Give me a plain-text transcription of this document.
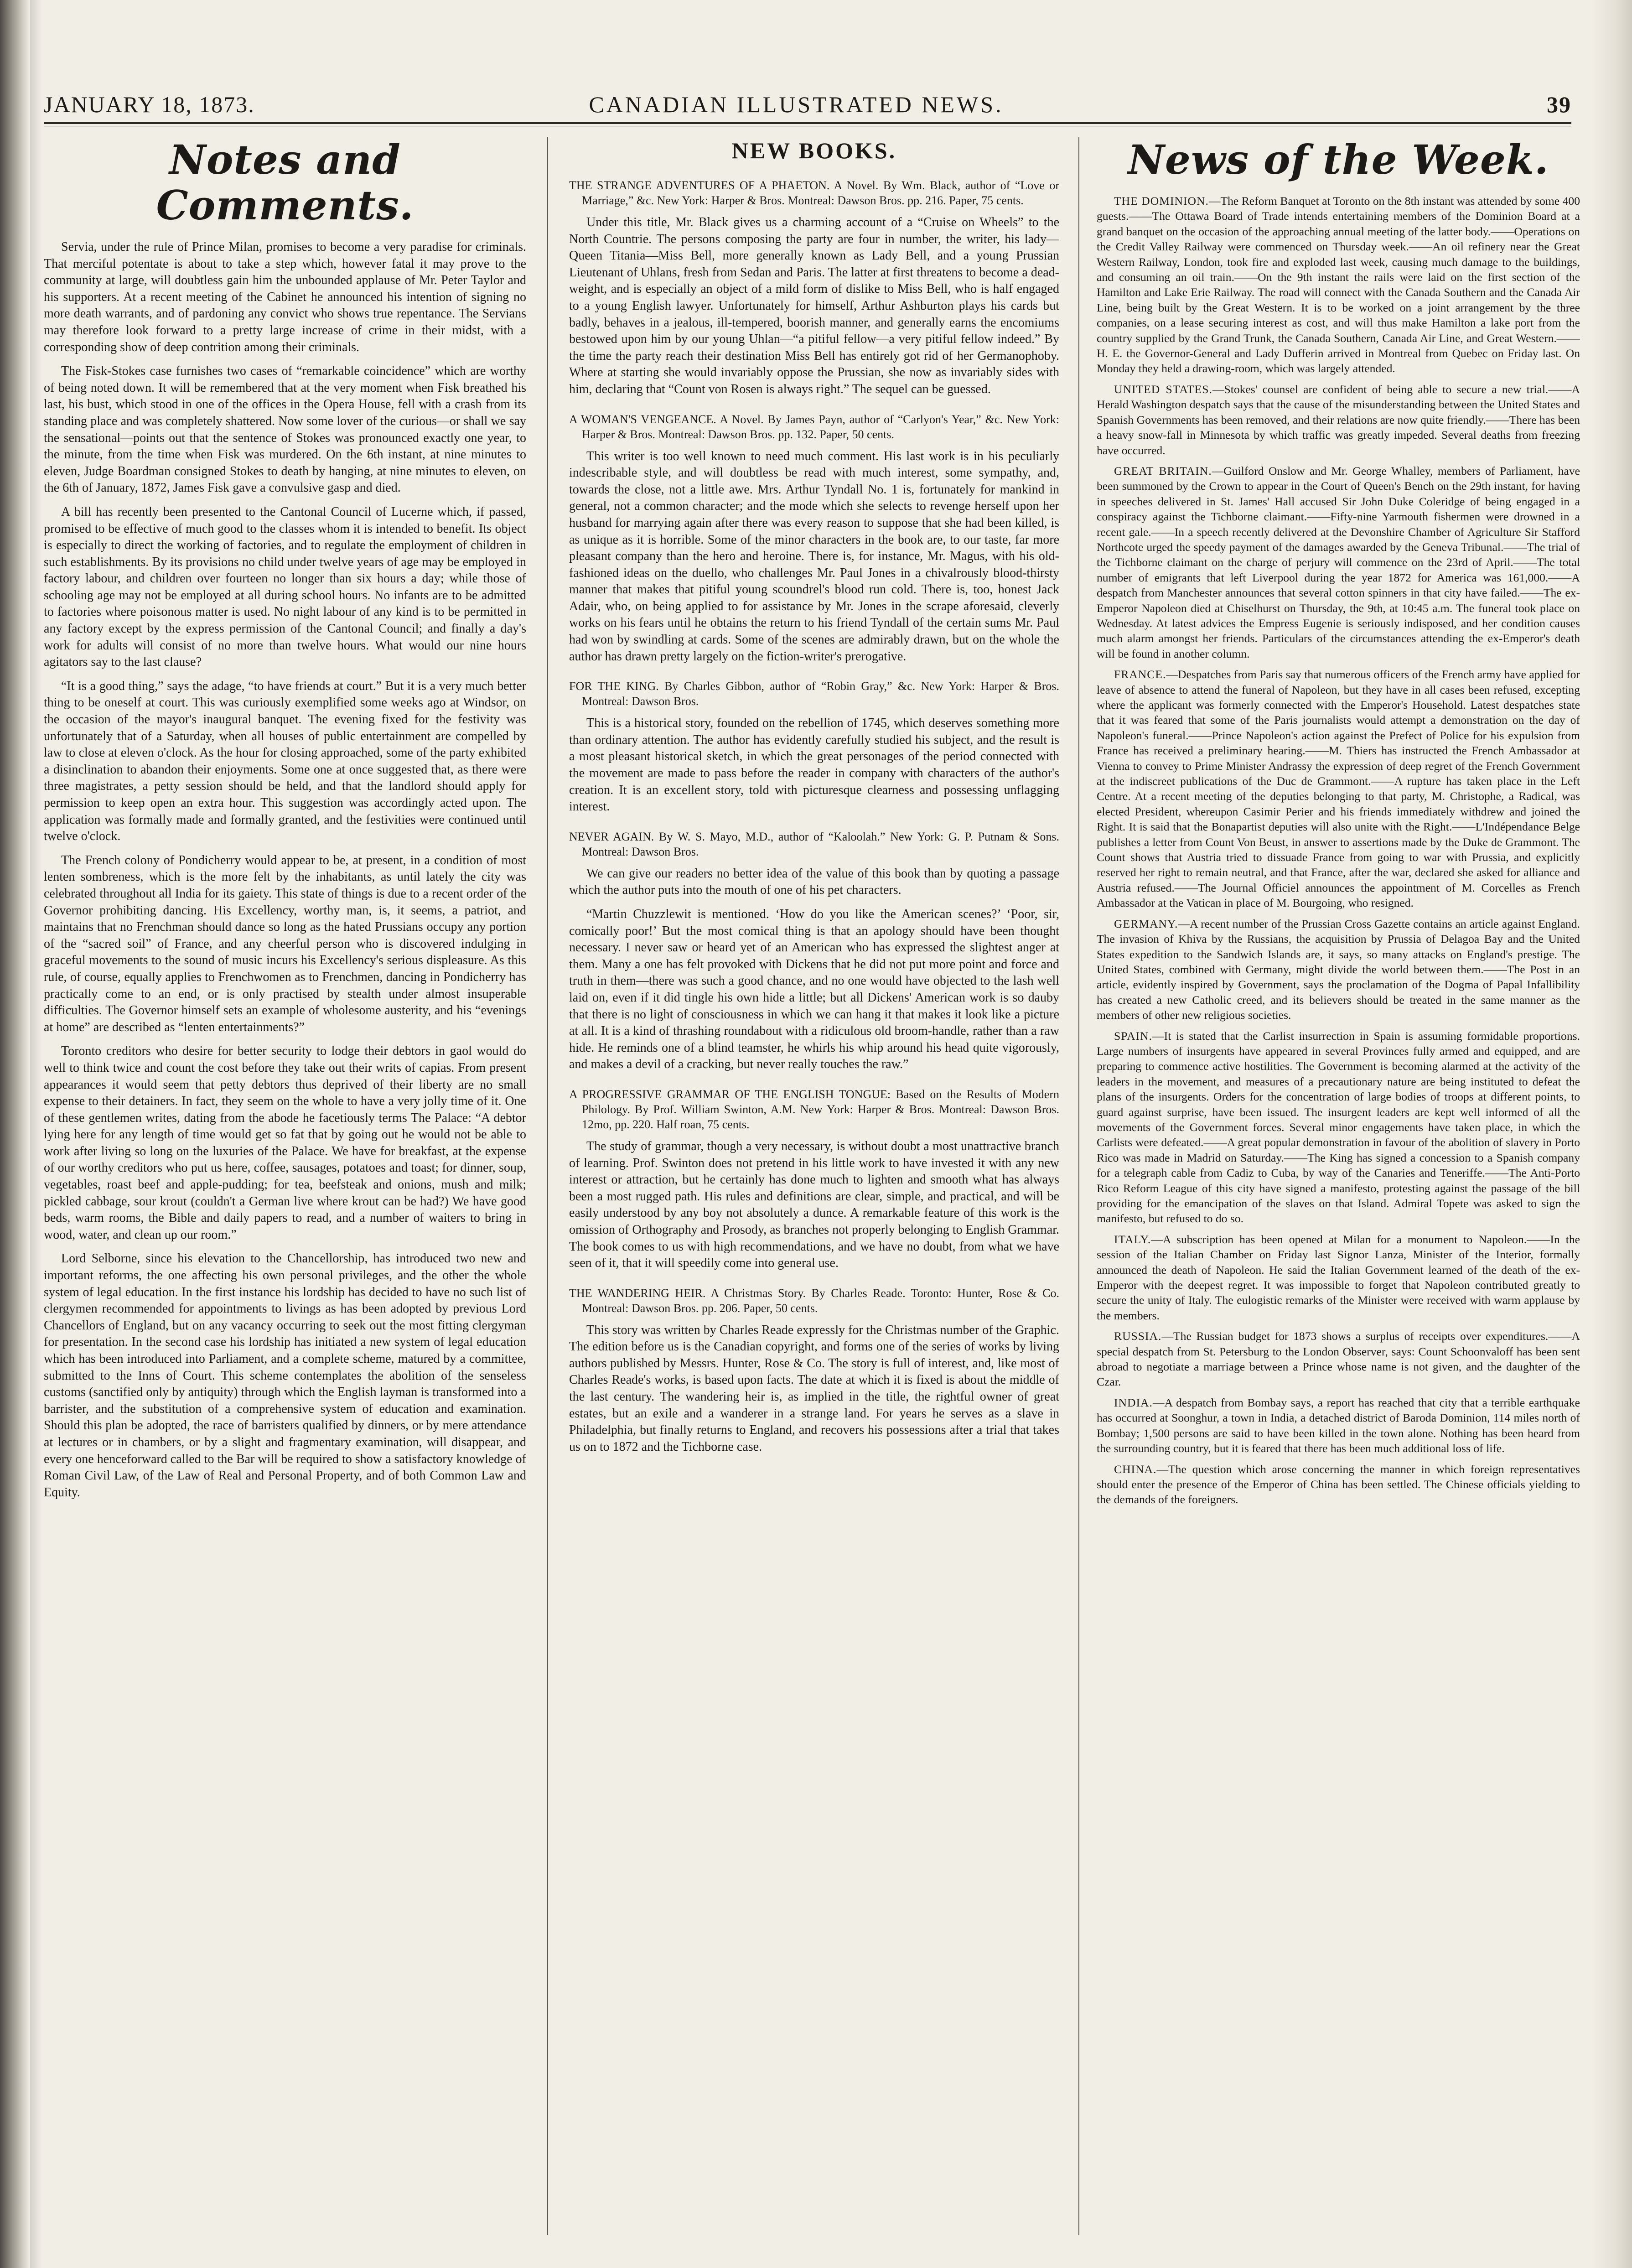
JANUARY 18, 1873.	CANADIAN ILLUSTRATED NEWS.	39
Notes and Comments.

Servia, under the rule of Prince Milan, promises to become a very paradise for criminals. That merciful potentate is about to take a step which, however fatal it may prove to the community at large, will doubtless gain him the unbounded applause of Mr. Peter Taylor and his supporters. At a recent meeting of the Cabinet he announced his intention of signing no more death warrants, and of pardoning any convict who shows true repentance. The Servians may therefore look forward to a pretty large increase of crime in their midst, with a corresponding show of deep contrition among their criminals.

The Fisk-Stokes case furnishes two cases of “remarkable coincidence” which are worthy of being noted down. It will be remembered that at the very moment when Fisk breathed his last, his bust, which stood in one of the offices in the Opera House, fell with a crash from its standing place and was completely shattered. Now some lover of the curious—or shall we say the sensational—points out that the sentence of Stokes was pronounced exactly one year, to the minute, from the time when Fisk was murdered. On the 6th instant, at nine minutes to eleven, Judge Boardman consigned Stokes to death by hanging, at nine minutes to eleven, on the 6th of January, 1872, James Fisk gave a convulsive gasp and died.

A bill has recently been presented to the Cantonal Council of Lucerne which, if passed, promised to be effective of much good to the classes whom it is intended to benefit. Its object is especially to direct the working of factories, and to regulate the employment of children in such establishments. By its provisions no child under twelve years of age may be employed in factory labour, and children over fourteen no longer than six hours a day; while those of schooling age may not be employed at all during school hours. No infants are to be admitted to factories where poisonous matter is used. No night labour of any kind is to be permitted in any factory except by the express permission of the Cantonal Council; and finally a day's work for adults will consist of no more than twelve hours. What would our nine hours agitators say to the last clause?

“It is a good thing,” says the adage, “to have friends at court.” But it is a very much better thing to be oneself at court. This was curiously exemplified some weeks ago at Windsor, on the occasion of the mayor's inaugural banquet. The evening fixed for the festivity was unfortunately that of a Saturday, when all houses of public entertainment are compelled by law to close at eleven o'clock. As the hour for closing approached, some of the party exhibited a disinclination to abandon their enjoyments. Some one at once suggested that, as there were three magistrates, a petty session should be held, and that the landlord should apply for permission to keep open an extra hour. This suggestion was accordingly acted upon. The application was formally made and formally granted, and the festivities were continued until twelve o'clock.

The French colony of Pondicherry would appear to be, at present, in a condition of most lenten sombreness, which is the more felt by the inhabitants, as until lately the city was celebrated throughout all India for its gaiety. This state of things is due to a recent order of the Governor prohibiting dancing. His Excellency, worthy man, is, it seems, a patriot, and maintains that no Frenchman should dance so long as the hated Prussians occupy any portion of the “sacred soil” of France, and any cheerful person who is discovered indulging in graceful movements to the sound of music incurs his Excellency's serious displeasure. As this rule, of course, equally applies to Frenchwomen as to Frenchmen, dancing in Pondicherry has practically come to an end, or is only practised by stealth under almost insuperable difficulties. The Governor himself sets an example of wholesome austerity, and his “evenings at home” are described as “lenten entertainments?”

Toronto creditors who desire for better security to lodge their debtors in gaol would do well to think twice and count the cost before they take out their writs of capias. From present appearances it would seem that petty debtors thus deprived of their liberty are no small expense to their detainers. In fact, they seem on the whole to have a very jolly time of it. One of these gentlemen writes, dating from the abode he facetiously terms The Palace: “A debtor lying here for any length of time would get so fat that by going out he would not be able to work after living so long on the luxuries of the Palace. We have for breakfast, at the expense of our worthy creditors who put us here, coffee, sausages, potatoes and toast; for dinner, soup, vegetables, roast beef and apple-pudding; for tea, beefsteak and onions, mush and milk; pickled cabbage, sour krout (couldn't a German live where krout can be had?) We have good beds, warm rooms, the Bible and daily papers to read, and a number of waiters to bring in wood, water, and clean up our room.”

Lord Selborne, since his elevation to the Chancellorship, has introduced two new and important reforms, the one affecting his own personal privileges, and the other the whole system of legal education. In the first instance his lordship has decided to have no such list of clergymen recommended for appointments to livings as has been adopted by previous Lord Chancellors of England, but on any vacancy occurring to seek out the most fitting clergyman for presentation. In the second case his lordship has initiated a new system of legal education which has been introduced into Parliament, and a complete scheme, matured by a committee, submitted to the Inns of Court. This scheme contemplates the abolition of the senseless customs (sanctified only by antiquity) through which the English layman is transformed into a barrister, and the substitution of a comprehensive system of education and examination. Should this plan be adopted, the race of barristers qualified by dinners, or by mere attendance at lectures or in chambers, or by a slight and fragmentary examination, will disappear, and every one henceforward called to the Bar will be required to show a satisfactory knowledge of Roman Civil Law, of the Law of Real and Personal Property, and of both Common Law and Equity.

NEW BOOKS.

THE STRANGE ADVENTURES OF A PHAETON. A Novel. By Wm. Black, author of “Love or Marriage,” &c. New York: Harper & Bros. Montreal: Dawson Bros. pp. 216. Paper, 75 cents.

Under this title, Mr. Black gives us a charming account of a “Cruise on Wheels” to the North Countrie. The persons composing the party are four in number, the writer, his lady—Queen Titania—Miss Bell, more generally known as Lady Bell, and a young Prussian Lieutenant of Uhlans, fresh from Sedan and Paris. The latter at first threatens to become a dead-weight, and is especially an object of a mild form of dislike to Miss Bell, who is half engaged to a young English lawyer. Unfortunately for himself, Arthur Ashburton plays his cards but badly, behaves in a jealous, ill-tempered, boorish manner, and generally earns the encomiums bestowed upon him by our young Uhlan—“a pitiful fellow—a very pitiful fellow indeed.” By the time the party reach their destination Miss Bell has entirely got rid of her Germanophoby. Where at starting she would invariably oppose the Prussian, she now as invariably sides with him, declaring that “Count von Rosen is always right.” The sequel can be guessed.

A WOMAN'S VENGEANCE. A Novel. By James Payn, author of “Carlyon's Year,” &c. New York: Harper & Bros. Montreal: Dawson Bros. pp. 132. Paper, 50 cents.

This writer is too well known to need much comment. His last work is in his peculiarly indescribable style, and will doubtless be read with much interest, some sympathy, and, towards the close, not a little awe. Mrs. Arthur Tyndall No. 1 is, fortunately for mankind in general, not a common character; and the mode which she selects to revenge herself upon her husband for marrying again after there was every reason to suppose that she had been killed, is as unique as it is horrible. Some of the minor characters in the book are, to our taste, far more pleasant company than the hero and heroine. There is, for instance, Mr. Magus, with his old-fashioned ideas on the duello, who challenges Mr. Paul Jones in a chivalrously blood-thirsty manner that makes that pitiful young scoundrel's blood run cold. There is, too, honest Jack Adair, who, on being applied to for assistance by Mr. Jones in the scrape aforesaid, cleverly works on his fears until he obtains the return to his friend Tyndall of the certain sums Mr. Paul had won by swindling at cards. Some of the scenes are admirably drawn, but on the whole the author has drawn pretty largely on the fiction-writer's prerogative.

FOR THE KING. By Charles Gibbon, author of “Robin Gray,” &c. New York: Harper & Bros. Montreal: Dawson Bros.

This is a historical story, founded on the rebellion of 1745, which deserves something more than ordinary attention. The author has evidently carefully studied his subject, and the result is a most pleasant historical sketch, in which the great personages of the period connected with the movement are made to pass before the reader in company with characters of the author's creation. It is an excellent story, told with picturesque clearness and possessing unflagging interest.

NEVER AGAIN. By W. S. Mayo, M.D., author of “Kaloolah.” New York: G. P. Putnam & Sons. Montreal: Dawson Bros.

We can give our readers no better idea of the value of this book than by quoting a passage which the author puts into the mouth of one of his pet characters.

“Martin Chuzzlewit is mentioned. ‘How do you like the American scenes?’ ‘Poor, sir, comically poor!’ But the most comical thing is that an apology should have been thought necessary. I never saw or heard yet of an American who has expressed the slightest anger at them. Many a one has felt provoked with Dickens that he did not put more point and force and truth in them—there was such a good chance, and no one would have objected to the lash well laid on, even if it did tingle his own hide a little; but all Dickens' American work is so dauby that there is no light of consciousness in which we can hang it that makes it look like a picture at all. It is a kind of thrashing roundabout with a ridiculous old broom-handle, rather than a raw hide. He reminds one of a blind teamster, he whirls his whip around his head quite vigorously, and makes a devil of a cracking, but never really touches the raw.”

A PROGRESSIVE GRAMMAR OF THE ENGLISH TONGUE: Based on the Results of Modern Philology. By Prof. William Swinton, A.M. New York: Harper & Bros. Montreal: Dawson Bros. 12mo, pp. 220. Half roan, 75 cents.

The study of grammar, though a very necessary, is without doubt a most unattractive branch of learning. Prof. Swinton does not pretend in his little work to have invested it with any new interest or attraction, but he certainly has done much to lighten and smooth what has always been a most rugged path. His rules and definitions are clear, simple, and practical, and will be easily understood by any boy not absolutely a dunce. A remarkable feature of this work is the omission of Orthography and Prosody, as branches not properly belonging to English Grammar. The book comes to us with high recommendations, and we have no doubt, from what we have seen of it, that it will speedily come into general use.

THE WANDERING HEIR. A Christmas Story. By Charles Reade. Toronto: Hunter, Rose & Co. Montreal: Dawson Bros. pp. 206. Paper, 50 cents.

This story was written by Charles Reade expressly for the Christmas number of the Graphic. The edition before us is the Canadian copyright, and forms one of the series of works by living authors published by Messrs. Hunter, Rose & Co. The story is full of interest, and, like most of Charles Reade's works, is based upon facts. The date at which it is fixed is about the middle of the last century. The wandering heir is, as implied in the title, the rightful owner of great estates, but an exile and a wanderer in a strange land. For years he serves as a slave in Philadelphia, but finally returns to England, and recovers his possessions after a trial that takes us on to 1872 and the Tichborne case.

News of the Week.

THE DOMINION.—The Reform Banquet at Toronto on the 8th instant was attended by some 400 guests.——The Ottawa Board of Trade intends entertaining members of the Dominion Board at a grand banquet on the occasion of the approaching annual meeting of the latter body.——Operations on the Credit Valley Railway were commenced on Thursday week.——An oil refinery near the Great Western Railway, London, took fire and exploded last week, causing much damage to the buildings, and consuming an oil train.——On the 9th instant the rails were laid on the first section of the Hamilton and Lake Erie Railway. The road will connect with the Canada Southern and the Canada Air Line, being built by the Great Western. It is to be worked on a joint arrangement by the three companies, on a lease securing interest as cost, and will thus make Hamilton a lake port from the country supplied by the Grand Trunk, the Canada Southern, Canada Air Line, and Great Western.——H. E. the Governor-General and Lady Dufferin arrived in Montreal from Quebec on Friday last. On Monday they held a drawing-room, which was largely attended.

UNITED STATES.—Stokes' counsel are confident of being able to secure a new trial.——A Herald Washington despatch says that the cause of the misunderstanding between the United States and Spanish Governments has been removed, and their relations are now quite friendly.——There has been a heavy snow-fall in Minnesota by which traffic was greatly impeded. Several deaths from freezing have occurred.

GREAT BRITAIN.—Guilford Onslow and Mr. George Whalley, members of Parliament, have been summoned by the Crown to appear in the Court of Queen's Bench on the 29th instant, for having in speeches delivered in St. James' Hall accused Sir John Duke Coleridge of being engaged in a conspiracy against the Tichborne claimant.——Fifty-nine Yarmouth fishermen were drowned in a recent gale.——In a speech recently delivered at the Devonshire Chamber of Agriculture Sir Stafford Northcote urged the speedy payment of the damages awarded by the Geneva Tribunal.——The trial of the Tichborne claimant on the charge of perjury will commence on the 23rd of April.——The total number of emigrants that left Liverpool during the year 1872 for America was 161,000.——A despatch from Manchester announces that several cotton spinners in that city have failed.——The ex-Emperor Napoleon died at Chiselhurst on Thursday, the 9th, at 10:45 a.m. The funeral took place on Wednesday. At latest advices the Empress Eugenie is seriously indisposed, and her condition causes much alarm amongst her friends. Particulars of the circumstances attending the ex-Emperor's death will be found in another column.

FRANCE.—Despatches from Paris say that numerous officers of the French army have applied for leave of absence to attend the funeral of Napoleon, but they have in all cases been refused, excepting where the applicant was formerly connected with the Emperor's Household. Latest despatches state that it was feared that some of the Paris journalists would attempt a demonstration on the day of Napoleon's funeral.——Prince Napoleon's action against the Prefect of Police for his expulsion from France has received a preliminary hearing.——M. Thiers has instructed the French Ambassador at Vienna to convey to Prime Minister Andrassy the expression of deep regret of the French Government at the indiscreet publications of the Duc de Grammont.——A rupture has taken place in the Left Centre. At a recent meeting of the deputies belonging to that party, M. Christophe, a Radical, was elected President, whereupon Casimir Perier and his friends immediately withdrew and joined the Right. It is said that the Bonapartist deputies will also unite with the Right.——L'Indépendance Belge publishes a letter from Count Von Beust, in answer to assertions made by the Duke de Grammont. The Count shows that Austria tried to dissuade France from going to war with Prussia, and explicitly reserved her right to remain neutral, and that France, after the war, declared she asked for alliance and Austria refused.——The Journal Officiel announces the appointment of M. Corcelles as French Ambassador at the Vatican in place of M. Bourgoing, who resigned.

GERMANY.—A recent number of the Prussian Cross Gazette contains an article against England. The invasion of Khiva by the Russians, the acquisition by Prussia of Delagoa Bay and the United States expedition to the Sandwich Islands are, it says, so many attacks on England's prestige. The United States, combined with Germany, might divide the world between them.——The Post in an article, evidently inspired by Government, says the proclamation of the Dogma of Papal Infallibility has created a new Catholic creed, and its believers should be treated in the same manner as the members of other new religious societies.

SPAIN.—It is stated that the Carlist insurrection in Spain is assuming formidable proportions. Large numbers of insurgents have appeared in several Provinces fully armed and equipped, and are preparing to commence active hostilities. The Government is becoming alarmed at the activity of the leaders in the movement, and measures of a precautionary nature are being instituted to defeat the plans of the insurgents. Orders for the concentration of large bodies of troops at different points, to guard against surprise, have been issued. The insurgent leaders are kept well informed of all the movements of the Government forces. Several minor engagements have taken place, in which the Carlists were defeated.——A great popular demonstration in favour of the abolition of slavery in Porto Rico was made in Madrid on Saturday.——The King has signed a concession to a Spanish company for a telegraph cable from Cadiz to Cuba, by way of the Canaries and Teneriffe.——The Anti-Porto Rico Reform League of this city have signed a manifesto, protesting against the passage of the bill providing for the emancipation of the slaves on that Island. Admiral Topete was asked to sign the manifesto, but refused to do so.

ITALY.—A subscription has been opened at Milan for a monument to Napoleon.——In the session of the Italian Chamber on Friday last Signor Lanza, Minister of the Interior, formally announced the death of Napoleon. He said the Italian Government learned of the death of the ex-Emperor with the deepest regret. It was impossible to forget that Napoleon contributed greatly to secure the unity of Italy. The eulogistic remarks of the Minister were received with warm applause by the members.

RUSSIA.—The Russian budget for 1873 shows a surplus of receipts over expenditures.——A special despatch from St. Petersburg to the London Observer, says: Count Schoonvaloff has been sent abroad to negotiate a marriage between a Prince whose name is not given, and the daughter of the Czar.

INDIA.—A despatch from Bombay says, a report has reached that city that a terrible earthquake has occurred at Soonghur, a town in India, a detached district of Baroda Dominion, 114 miles north of Bombay; 1,500 persons are said to have been killed in the town alone. Nothing has been heard from the surrounding country, but it is feared that there has been much additional loss of life.

CHINA.—The question which arose concerning the manner in which foreign representatives should enter the presence of the Emperor of China has been settled. The Chinese officials yielding to the demands of the foreigners.
